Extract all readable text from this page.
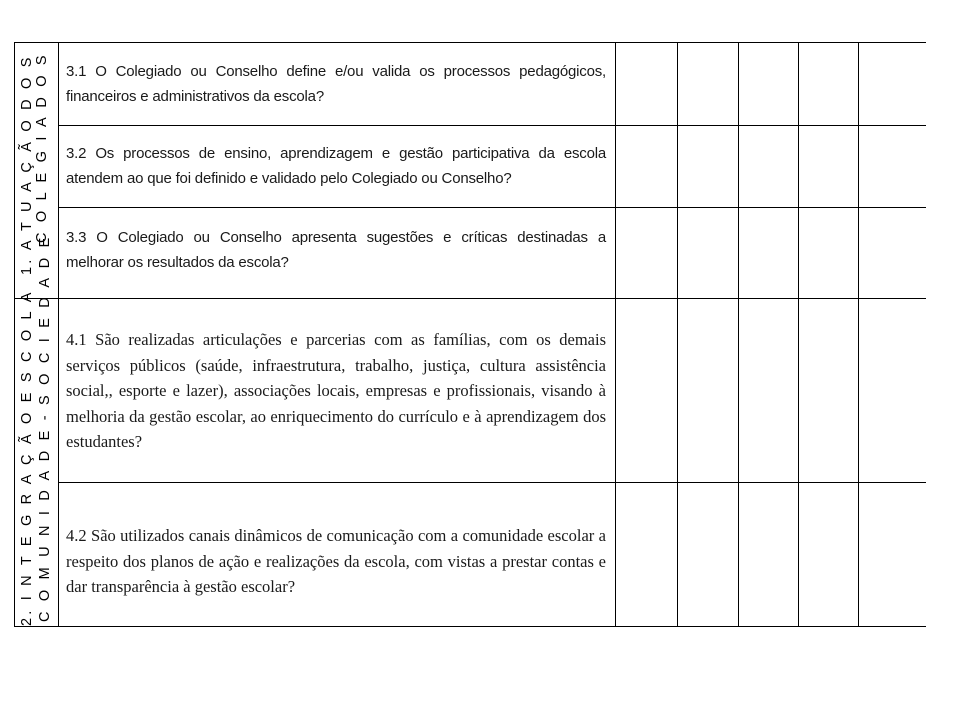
1. A T U A Ç Ã O D O S C O L E G I A D O S
2. I N T E G R A Ç Ã O E S C O L A C O M U N I D A D E - S O C I E D A D E
3.1 O Colegiado ou Conselho define e/ou valida os processos pedagógicos, financeiros e administrativos da escola?
3.2 Os processos de ensino, aprendizagem e gestão participativa da escola atendem ao que foi definido e validado pelo Colegiado ou Conselho?
3.3 O Colegiado ou Conselho apresenta sugestões e críticas destinadas a melhorar os resultados da escola?
4.1 São realizadas articulações e parcerias com as famílias, com os demais serviços públicos (saúde, infraestrutura, trabalho, justiça, cultura assistência social,, esporte e lazer), associações locais, empresas e profissionais, visando à melhoria da gestão escolar, ao enriquecimento do currículo e à aprendizagem dos estudantes?
4.2 São utilizados canais dinâmicos de comunicação com a comunidade escolar a respeito dos planos de ação e realizações da escola, com vistas a prestar contas e dar transparência à gestão escolar?
